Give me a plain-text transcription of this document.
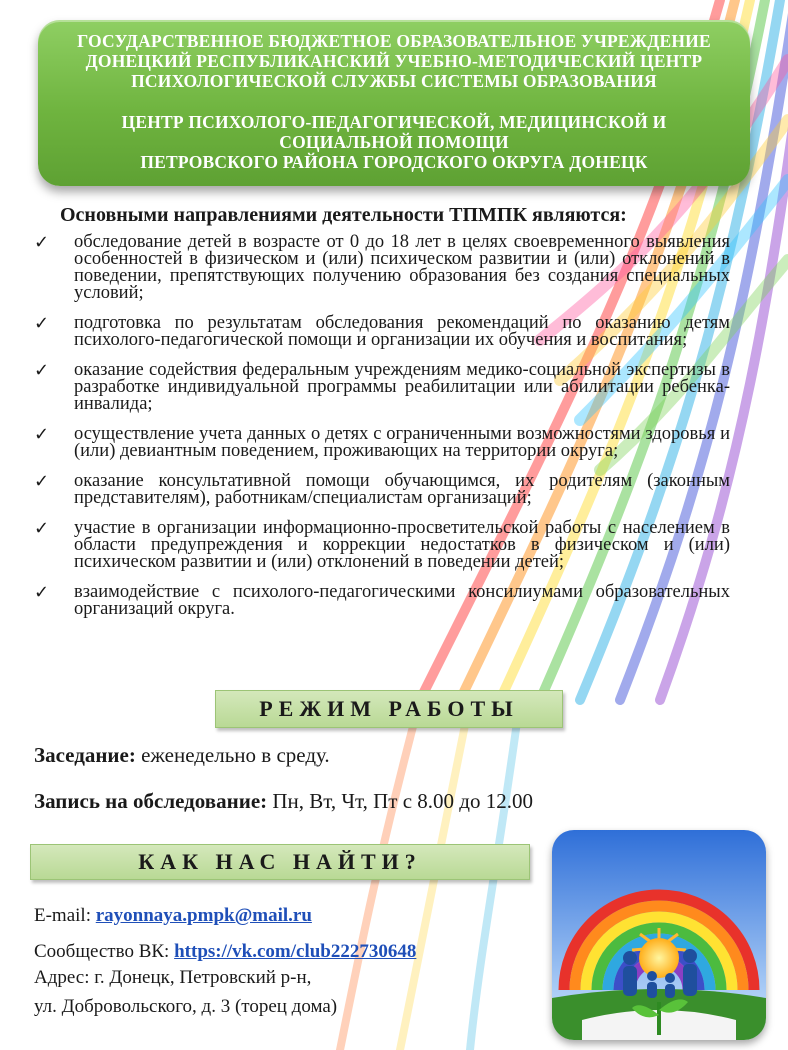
ГОСУДАРСТВЕННОЕ БЮДЖЕТНОЕ ОБРАЗОВАТЕЛЬНОЕ УЧРЕЖДЕНИЕ
ДОНЕЦКИЙ РЕСПУБЛИКАНСКИЙ УЧЕБНО-МЕТОДИЧЕСКИЙ ЦЕНТР
ПСИХОЛОГИЧЕСКОЙ СЛУЖБЫ СИСТЕМЫ ОБРАЗОВАНИЯ
ЦЕНТР ПСИХОЛОГО-ПЕДАГОГИЧЕСКОЙ, МЕДИЦИНСКОЙ И
СОЦИАЛЬНОЙ ПОМОЩИ
ПЕТРОВСКОГО РАЙОНА ГОРОДСКОГО ОКРУГА ДОНЕЦК
Основными направлениями деятельности ТПМПК являются:
✓ обследование детей в возрасте от 0 до 18 лет в целях своевременного выявления особенностей в физическом и (или) психическом развитии и (или) отклонений в поведении, препятствующих получению образования без создания специальных условий;
✓ подготовка по результатам обследования рекомендаций по оказанию детям психолого-педагогической помощи и организации их обучения и воспитания;
✓ оказание содействия федеральным учреждениям медико-социальной экспертизы в разработке индивидуальной программы реабилитации или абилитации ребенка-инвалида;
✓ осуществление учета данных о детях с ограниченными возможностями здоровья и (или) девиантным поведением, проживающих на территории округа;
✓ оказание консультативной помощи обучающимся, их родителям (законным представителям), работникам/специалистам организаций;
✓ участие в организации информационно-просветительской работы с населением в области предупреждения и коррекции недостатков в физическом и (или) психическом развитии и (или) отклонений в поведении детей;
✓ взаимодействие с психолого-педагогическими консилиумами образовательных организаций округа.
РЕЖИМ РАБОТЫ
Заседание: еженедельно в среду.
Запись на обследование: Пн, Вт, Чт, Пт с 8.00 до 12.00
КАК НАС НАЙТИ?
E-mail: rayonnaya.pmpk@mail.ru
Сообщество ВК: https://vk.com/club222730648
Адрес: г. Донецк, Петровский р-н,
ул. Добровольского, д. 3 (торец дома)
